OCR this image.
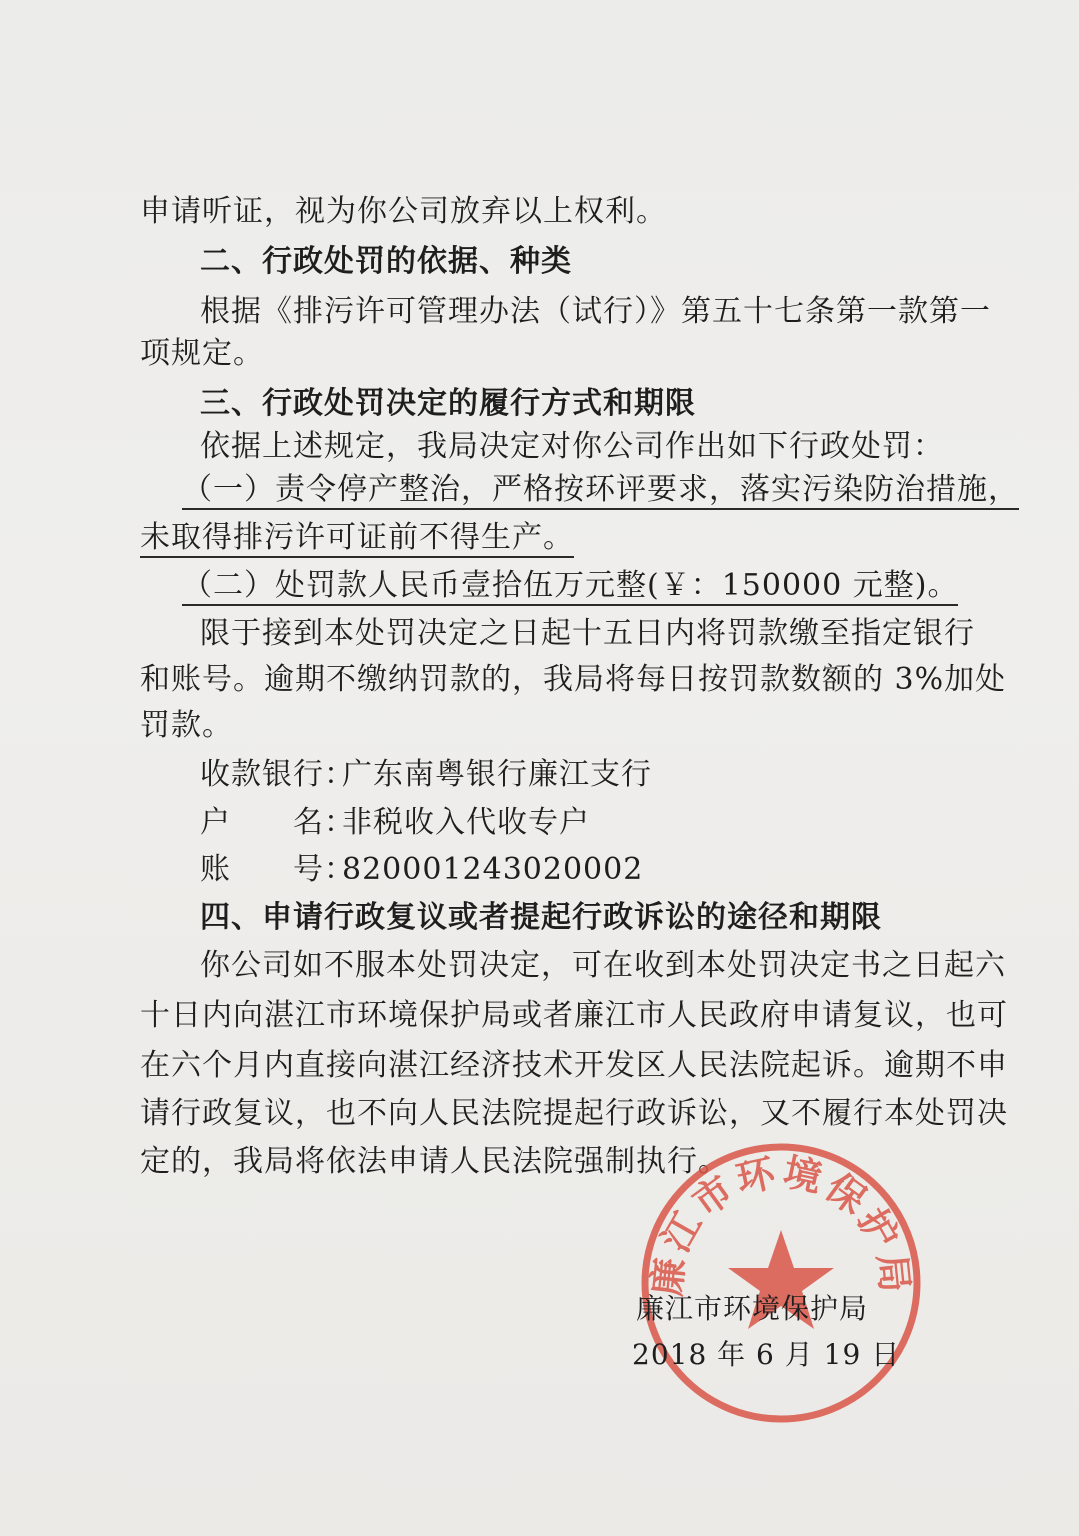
申请听证，视为你公司放弃以上权利。
二、行政处罚的依据、种类
根据《排污许可管理办法（试行）》第五十七条第一款第一
项规定。
三、行政处罚决定的履行方式和期限
依据上述规定，我局决定对你公司作出如下行政处罚：
（一）责令停产整治，严格按环评要求，落实污染防治措施，
未取得排污许可证前不得生产。
（二）处罚款人民币壹拾伍万元整(￥：150000 元整)。
限于接到本处罚决定之日起十五日内将罚款缴至指定银行
和账号。逾期不缴纳罚款的，我局将每日按罚款数额的 3%加处
罚款。
收款银行：广东南粤银行廉江支行
户　　名：非税收入代收专户
账　　号：820001243020002
四、申请行政复议或者提起行政诉讼的途径和期限
你公司如不服本处罚决定，可在收到本处罚决定书之日起六
十日内向湛江市环境保护局或者廉江市人民政府申请复议，也可
在六个月内直接向湛江经济技术开发区人民法院起诉。逾期不申
请行政复议，也不向人民法院提起行政诉讼，又不履行本处罚决
定的，我局将依法申请人民法院强制执行。
廉江市环境保护局
廉江市环境保护局
2018 年 6 月 19 日
